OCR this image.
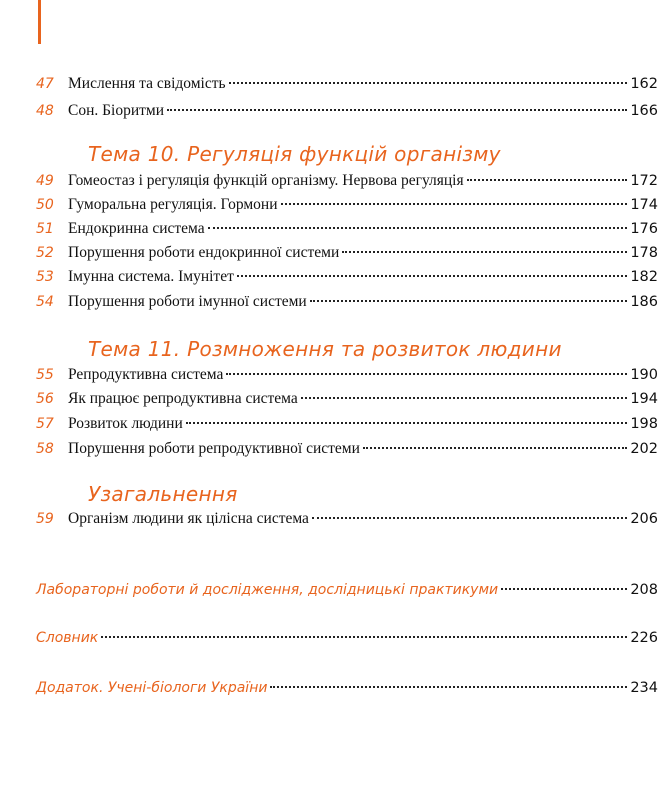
47 Мислення та свідомість	162
48 Сон. Біоритми	166
Тема 10. Регуляція функцій організму
49 Гомеостаз і регуляція функцій організму. Нервова регуляція	172
50 Гуморальна регуляція. Гормони	174
51 Ендокринна система	176
52 Порушення роботи ендокринної системи	178
53 Імунна система. Імунітет	182
54 Порушення роботи імунної системи	186
Тема 11. Розмноження та розвиток людини
55 Репродуктивна система	190
56 Як працює репродуктивна система	194
57 Розвиток людини	198
58 Порушення роботи репродуктивної системи	202
Узагальнення
59 Організм людини як цілісна система	206
Лабораторні роботи й дослідження, дослідницькі практикуми	208
Словник	226
Додаток. Учені-біологи України	234
